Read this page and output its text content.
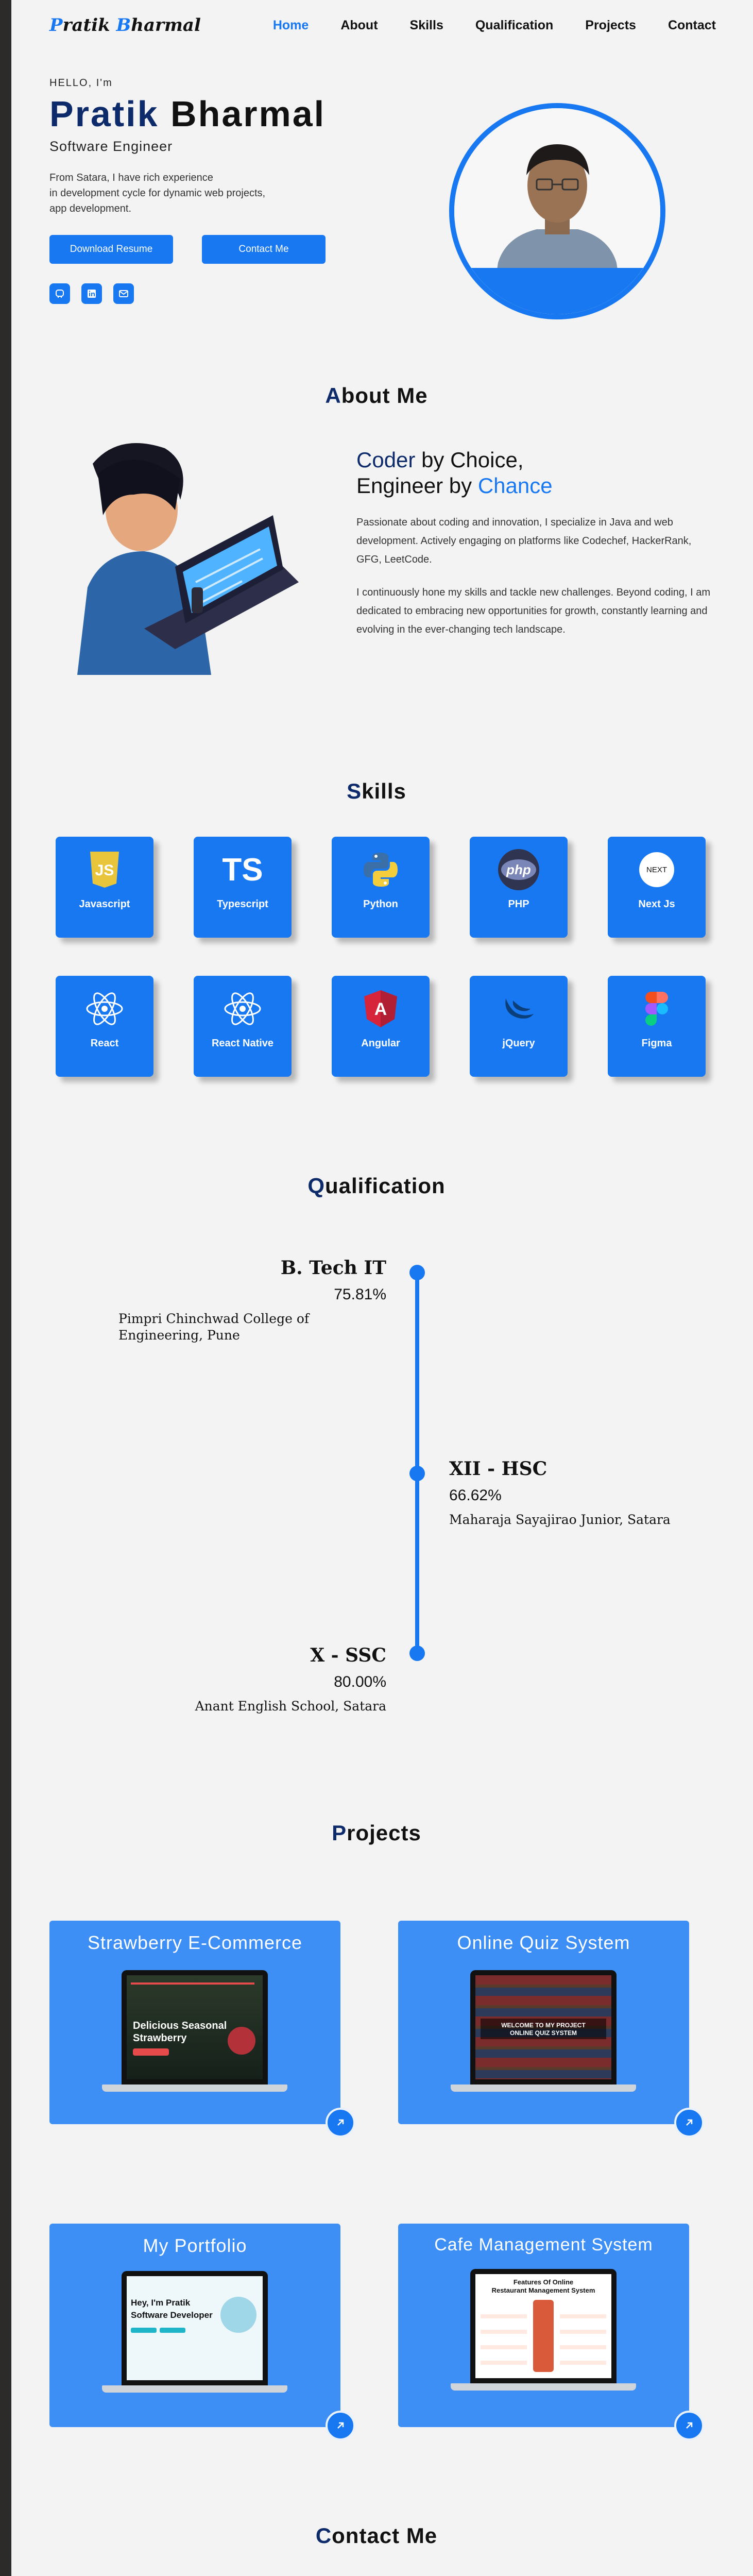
Pratik Bharmal	Home About Skills Qualification Projects Contact
HELLO, I'm
Pratik Bharmal
Software Engineer
From Satara, I have rich experience
in development cycle for dynamic web projects,
app development.
Download Resume	Contact Me
About Me
Coder by Choice,
Engineer by Chance

Passionate about coding and innovation, I specialize in Java and web development. Actively engaging on platforms like Codechef, HackerRank, GFG, LeetCode.

I continuously hone my skills and tackle new challenges. Beyond coding, I am dedicated to embracing new opportunities for growth, constantly learning and evolving in the ever-changing tech landscape.

Skills
JS
Javascript
TS
Typescript	Python
php
PHP
NEXT
Next Js
React	React Native
A
Angular	jQuery	Figma
Qualification
B. Tech IT
75.81%
Pimpri Chinchwad College of Engineering, Pune
XII - HSC
66.62%
Maharaja Sayajirao Junior, Satara
X - SSC
80.00%
Anant English School, Satara
Projects
Strawberry E-Commerce
Delicious Seasonal
Strawberry
Online Quiz System
WELCOME TO MY PROJECT
ONLINE QUIZ SYSTEM
My Portfolio
Hey, I'm Pratik
Software Developer
Cafe Management System
Features Of Online
Restaurant Management System
Contact Me
